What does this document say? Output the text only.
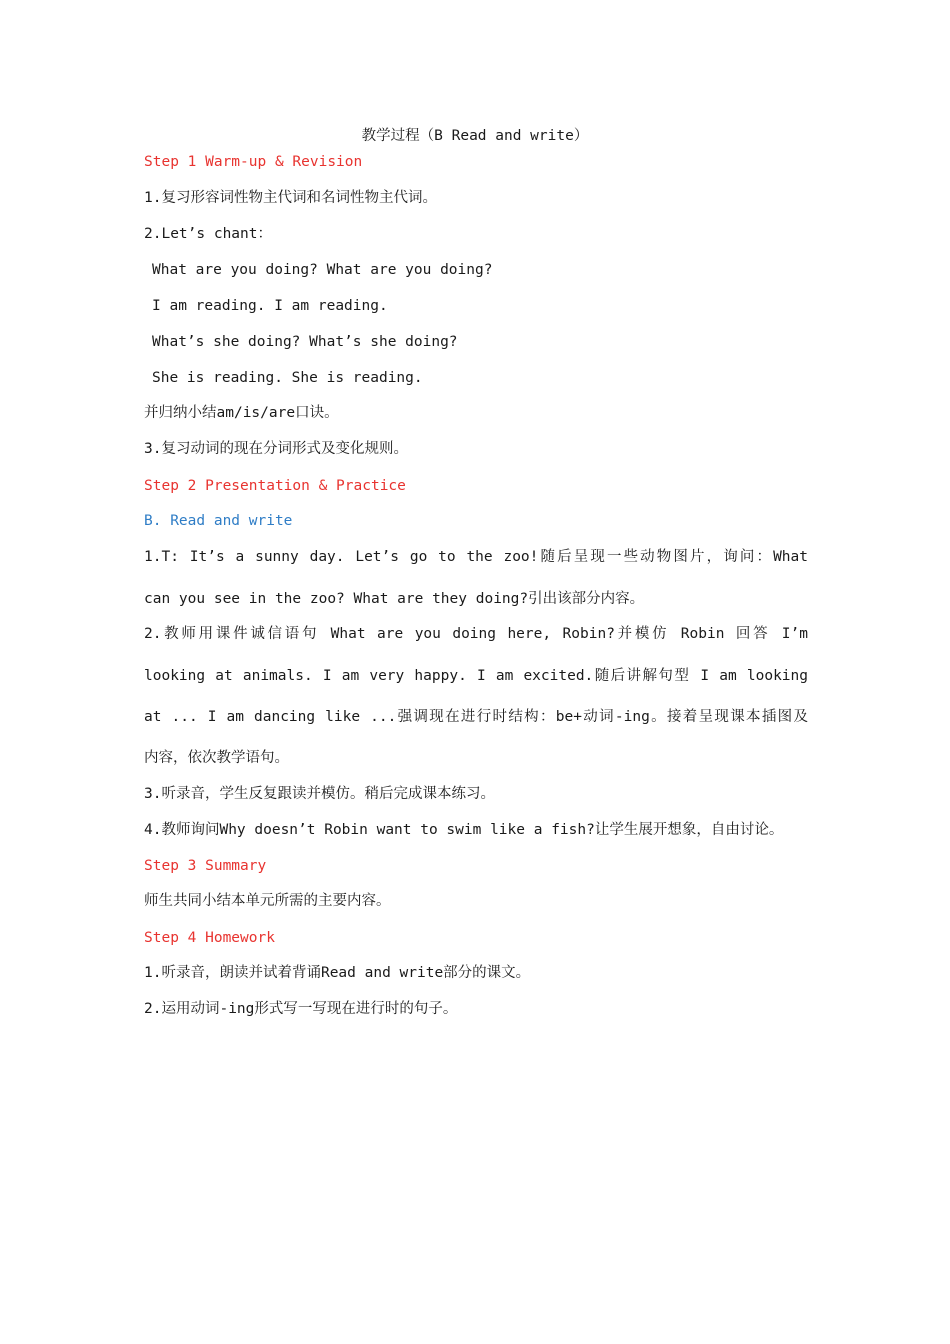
教学过程（B Read and write）
Step 1 Warm-up & Revision
1.复习形容词性物主代词和名词性物主代词。
2.Let’s chant：
What are you doing? What are you doing?
I am reading. I am reading.
What’s she doing? What’s she doing?
She is reading. She is reading.
并归纳小结am/is/are口诀。
3.复习动词的现在分词形式及变化规则。
Step 2 Presentation & Practice
B. Read and write
1.T: It’s a sunny day. Let’s go to the zoo!随后呈现一些动物图片，询问：What
can you see in the zoo? What are they doing?引出该部分内容。
2.教师用课件诚信语句 What are you doing here, Robin?并模仿 Robin 回答 I’m
looking at animals. I am very happy. I am excited.随后讲解句型 I am looking
at ... I am dancing like ...强调现在进行时结构：be+动词-ing。接着呈现课本插图及
内容，依次教学语句。
3.听录音，学生反复跟读并模仿。稍后完成课本练习。
4.教师询问Why doesn’t Robin want to swim like a fish?让学生展开想象，自由讨论。
Step 3 Summary
师生共同小结本单元所需的主要内容。
Step 4 Homework
1.听录音，朗读并试着背诵Read and write部分的课文。
2.运用动词-ing形式写一写现在进行时的句子。
